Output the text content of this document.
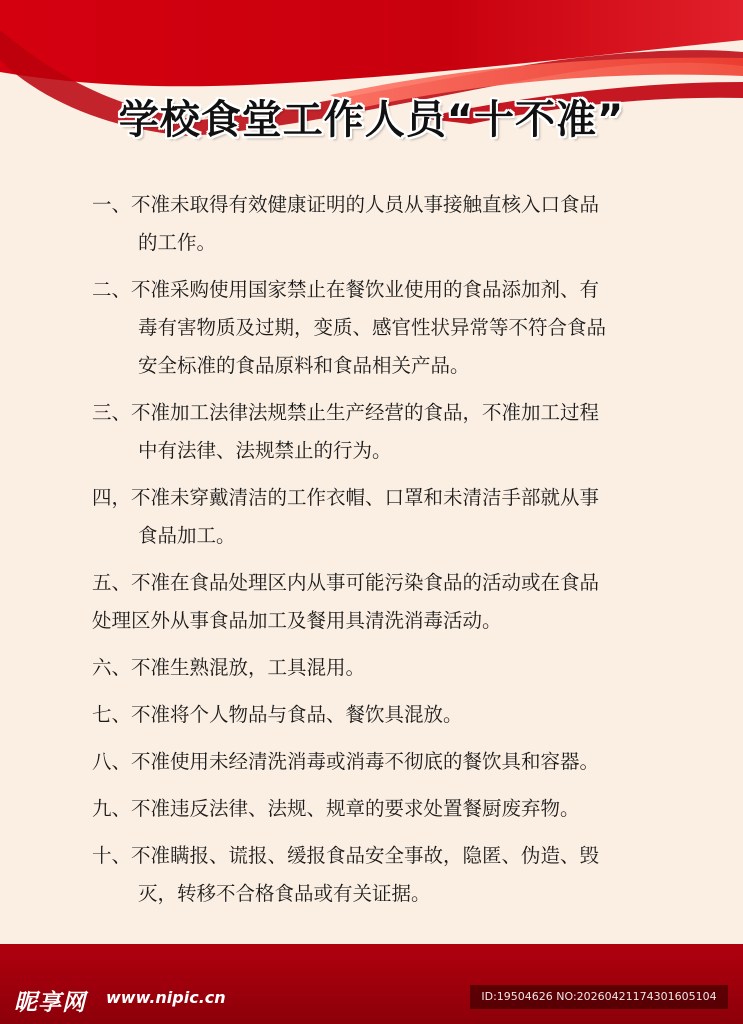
学校食堂工作人员“十不准”
一、不准未取得有效健康证明的人员从事接触直核入口食品
的工作。
二、不准采购使用国家禁止在餐饮业使用的食品添加剂、有
毒有害物质及过期，变质、感官性状异常等不符合食品
安全标准的食品原料和食品相关产品。
三、不准加工法律法规禁止生产经营的食品，不准加工过程
中有法律、法规禁止的行为。
四，不准未穿戴清洁的工作衣帽、口罩和未清洁手部就从事
食品加工。
五、不准在食品处理区内从事可能污染食品的活动或在食品
处理区外从事食品加工及餐用具清洗消毒活动。
六、不准生熟混放，工具混用。
七、不准将个人物品与食品、餐饮具混放。
八、不准使用未经清洗消毒或消毒不彻底的餐饮具和容器。
九、不准违反法律、法规、规章的要求处置餐厨废弃物。
十、不准瞒报、谎报、缓报食品安全事故，隐匿、伪造、毁
灭，转移不合格食品或有关证据。
昵享网 www.nipic.cn	ID:19504626 NO:20260421174301605104
